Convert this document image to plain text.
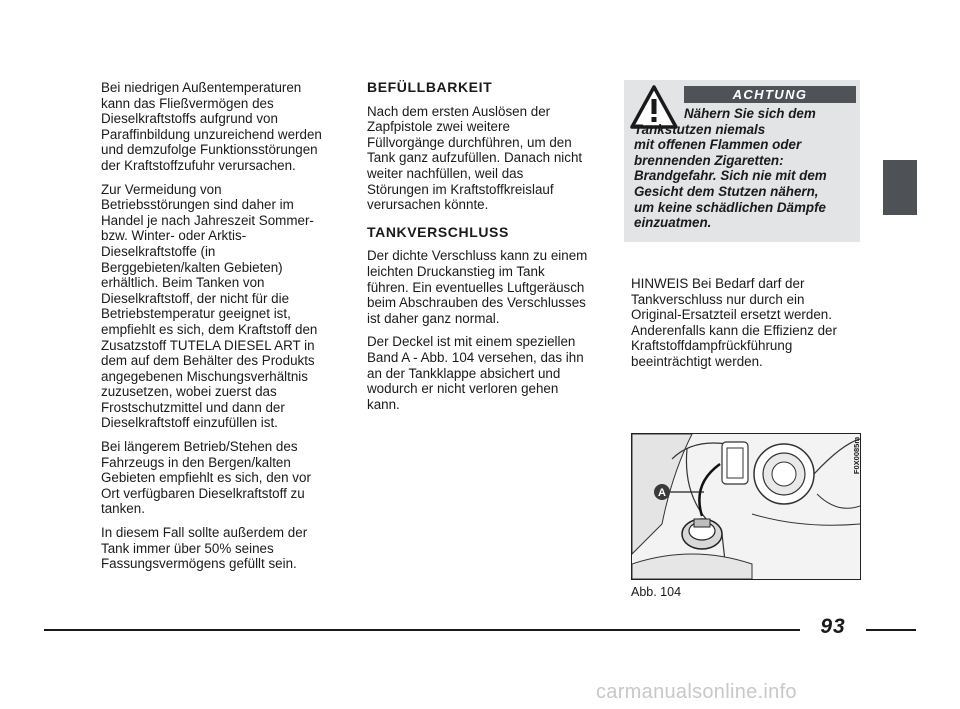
Bei niedrigen Außentemperaturen
kann das Fließvermögen des
Dieselkraftstoffs aufgrund von
Paraffinbildung unzureichend werden
und demzufolge Funktionsstörungen
der Kraftstoffzufuhr verursachen.

Zur Vermeidung von
Betriebsstörungen sind daher im
Handel je nach Jahreszeit Sommer-
bzw. Winter- oder Arktis-
Dieselkraftstoffe (in
Berggebieten/kalten Gebieten)
erhältlich. Beim Tanken von
Dieselkraftstoff, der nicht für die
Betriebstemperatur geeignet ist,
empfiehlt es sich, dem Kraftstoff den
Zusatzstoff TUTELA DIESEL ART in
dem auf dem Behälter des Produkts
angegebenen Mischungsverhältnis
zuzusetzen, wobei zuerst das
Frostschutzmittel und dann der
Dieselkraftstoff einzufüllen ist.

Bei längerem Betrieb/Stehen des
Fahrzeugs in den Bergen/kalten
Gebieten empfiehlt es sich, den vor
Ort verfügbaren Dieselkraftstoff zu
tanken.

In diesem Fall sollte außerdem der
Tank immer über 50% seines
Fassungsvermögens gefüllt sein.

BEFÜLLBARKEIT

Nach dem ersten Auslösen der
Zapfpistole zwei weitere
Füllvorgänge durchführen, um den
Tank ganz aufzufüllen. Danach nicht
weiter nachfüllen, weil das
Störungen im Kraftstoffkreislauf
verursachen könnte.

TANKVERSCHLUSS

Der dichte Verschluss kann zu einem
leichten Druckanstieg im Tank
führen. Ein eventuelles Luftgeräusch
beim Abschrauben des Verschlusses
ist daher ganz normal.

Der Deckel ist mit einem speziellen
Band A - Abb. 104 versehen, das ihn
an der Tankklappe absichert und
wodurch er nicht verloren gehen
kann.

ACHTUNG
Nähern Sie sich dem
Tankstutzen niemals
mit offenen Flammen oder
brennenden Zigaretten:
Brandgefahr. Sich nie mit dem
Gesicht dem Stutzen nähern,
um keine schädlichen Dämpfe
einzuatmen.

HINWEIS Bei Bedarf darf der
Tankverschluss nur durch ein
Original-Ersatzteil ersetzt werden.
Anderenfalls kann die Effizienz der
Kraftstoffdampfrückführung
beeinträchtigt werden.

A
F0X0085m
Abb. 104
93
carmanualsonline.info
